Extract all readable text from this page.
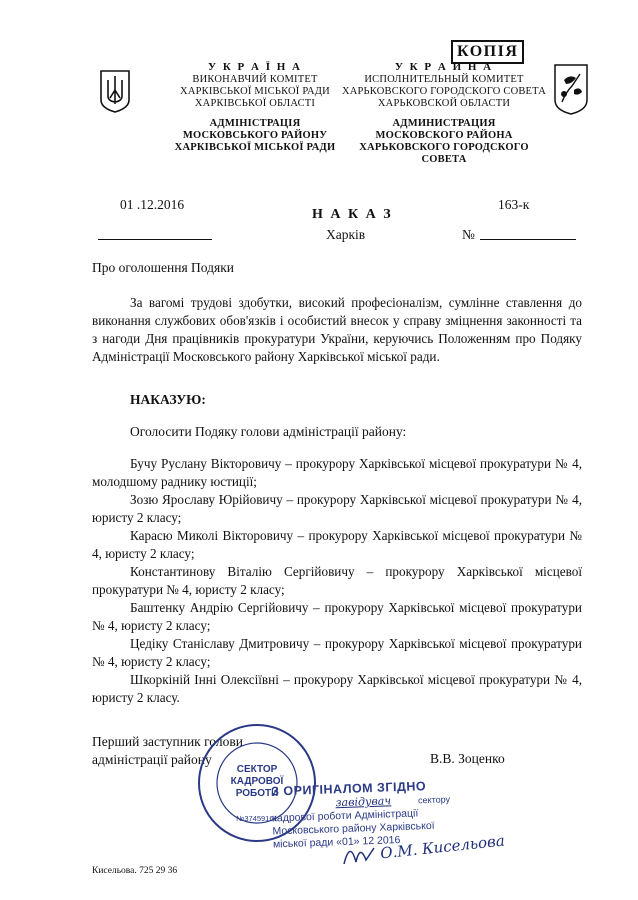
КОПІЯ
У К Р А Ї Н А
ВИКОНАВЧИЙ КОМІТЕТ
ХАРКІВСЬКОЇ МІСЬКОЇ РАДИ
ХАРКІВСЬКОЇ ОБЛАСТІ
АДМІНІСТРАЦІЯ
МОСКОВСЬКОГО РАЙОНУ
ХАРКІВСЬКОЇ МІСЬКОЇ РАДИ
У К Р А И Н А
ИСПОЛНИТЕЛЬНЫЙ КОМИТЕТ
ХАРЬКОВСКОГО ГОРОДСКОГО СОВЕТА
ХАРЬКОВСКОЙ ОБЛАСТИ
АДМИНИСТРАЦИЯ
МОСКОВСКОГО РАЙОНА
ХАРЬКОВСКОГО ГОРОДСКОГО СОВЕТА
01 .12.2016
Н А К А З
Харків
163-к
№
Про оголошення Подяки
За вагомі трудові здобутки, високий професіоналізм, сумлінне ставлення до виконання службових обов'язків і особистий внесок у справу зміцнення законності та з нагоди Дня працівників прокуратури України, керуючись Положенням про Подяку Адміністрації Московського району Харківської міської ради.
НАКАЗУЮ:
Оголосити Подяку голови адміністрації району:
Бучу Руслану Вікторовичу – прокурору Харківської місцевої прокуратури № 4, молодшому раднику юстиції;
Зозю Ярославу Юрійовичу – прокурору Харківської місцевої прокуратури № 4, юристу 2 класу;
Карасю Миколі Вікторовичу – прокурору Харківської місцевої прокуратури № 4, юристу 2 класу;
Константинову Віталію Сергійовичу – прокурору Харківської місцевої прокуратури № 4, юристу 2 класу;
Баштенку Андрію Сергійовичу – прокурору Харківської місцевої прокуратури № 4, юристу 2 класу;
Цедіку Станіславу Дмитровичу – прокурору Харківської місцевої прокуратури № 4, юристу 2 класу;
Шкоркіній Інні Олексіївні – прокурору Харківської місцевої прокуратури № 4, юристу 2 класу.
Перший заступник голови
адміністрації району	В.В. Зоценко
СЕКТОР
КАДРОВОЇ
РОБОТИ
№37459161
З ОРИГІНАЛОМ ЗГІДНО
завідувач	сектору
кадрової роботи Адміністрації
Московського району Харківської
міської ради «01» 12 2016
О.М. Кисельова
Кисельова. 725 29 36
